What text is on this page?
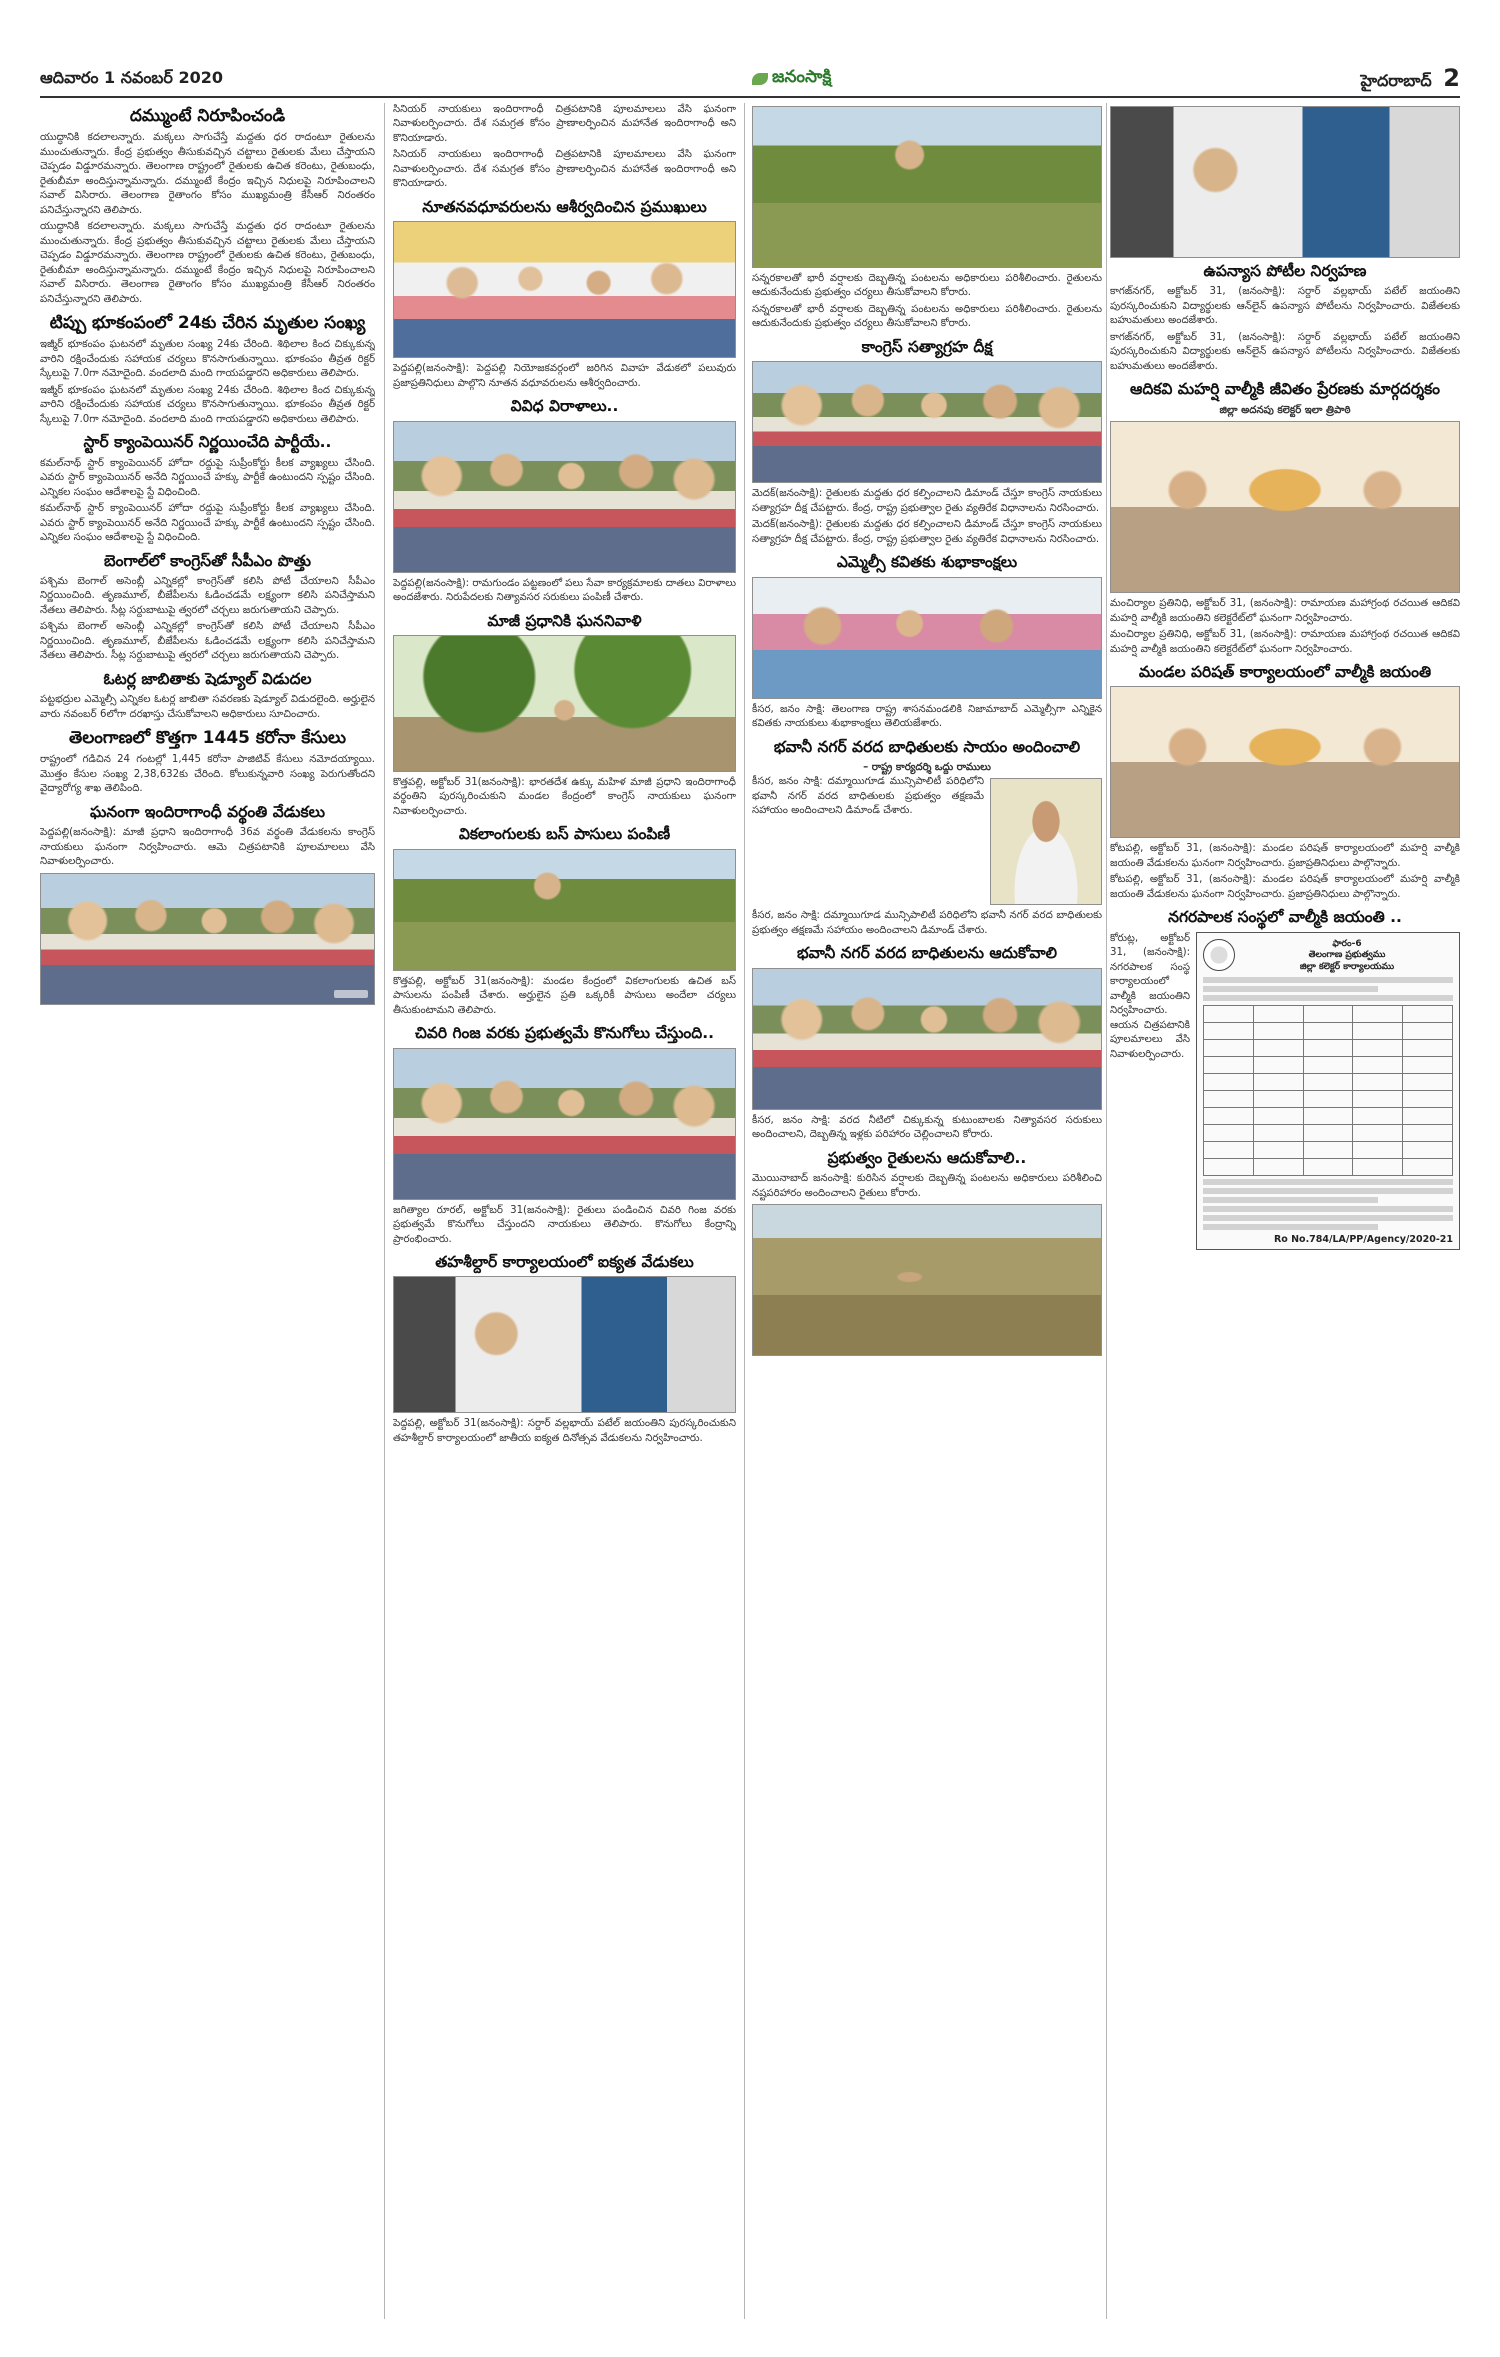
ఆదివారం 1 నవంబర్ 2020	జనంసాక్షి	హైదరాబాద్ 2
దమ్ముంటే నిరూపించండి
యుద్ధానికి కదలాలన్నారు. మక్కలు సాగుచేస్తే మద్దతు ధర రాదంటూ రైతులను ముంచుతున్నారు. కేంద్ర ప్రభుత్వం తీసుకువచ్చిన చట్టాలు రైతులకు మేలు చేస్తాయని చెప్పడం విడ్డూరమన్నారు. తెలంగాణ రాష్ట్రంలో రైతులకు ఉచిత కరెంటు, రైతుబంధు, రైతుబీమా అందిస్తున్నామన్నారు. దమ్ముంటే కేంద్రం ఇచ్చిన నిధులపై నిరూపించాలని సవాల్ విసిరారు. తెలంగాణ రైతాంగం కోసం ముఖ్యమంత్రి కేసీఆర్ నిరంతరం పనిచేస్తున్నారని తెలిపారు.
యుద్ధానికి కదలాలన్నారు. మక్కలు సాగుచేస్తే మద్దతు ధర రాదంటూ రైతులను ముంచుతున్నారు. కేంద్ర ప్రభుత్వం తీసుకువచ్చిన చట్టాలు రైతులకు మేలు చేస్తాయని చెప్పడం విడ్డూరమన్నారు. తెలంగాణ రాష్ట్రంలో రైతులకు ఉచిత కరెంటు, రైతుబంధు, రైతుబీమా అందిస్తున్నామన్నారు. దమ్ముంటే కేంద్రం ఇచ్చిన నిధులపై నిరూపించాలని సవాల్ విసిరారు. తెలంగాణ రైతాంగం కోసం ముఖ్యమంత్రి కేసీఆర్ నిరంతరం పనిచేస్తున్నారని తెలిపారు.
టిప్పు భూకంపంలో 24కు చేరిన మృతుల సంఖ్య
ఇజ్మీర్ భూకంపం ఘటనలో మృతుల సంఖ్య 24కు చేరింది. శిథిలాల కింద చిక్కుకున్న వారిని రక్షించేందుకు సహాయక చర్యలు కొనసాగుతున్నాయి. భూకంపం తీవ్రత రిక్టర్ స్కేలుపై 7.0గా నమోదైంది. వందలాది మంది గాయపడ్డారని అధికారులు తెలిపారు.
ఇజ్మీర్ భూకంపం ఘటనలో మృతుల సంఖ్య 24కు చేరింది. శిథిలాల కింద చిక్కుకున్న వారిని రక్షించేందుకు సహాయక చర్యలు కొనసాగుతున్నాయి. భూకంపం తీవ్రత రిక్టర్ స్కేలుపై 7.0గా నమోదైంది. వందలాది మంది గాయపడ్డారని అధికారులు తెలిపారు.
స్టార్ క్యాంపెయినర్ నిర్ణయించేది పార్టీయే..
కమల్‌నాథ్ స్టార్ క్యాంపెయినర్ హోదా రద్దుపై సుప్రీంకోర్టు కీలక వ్యాఖ్యలు చేసింది. ఎవరు స్టార్ క్యాంపెయినర్ అనేది నిర్ణయించే హక్కు పార్టీకే ఉంటుందని స్పష్టం చేసింది. ఎన్నికల సంఘం ఆదేశాలపై స్టే విధించింది.
కమల్‌నాథ్ స్టార్ క్యాంపెయినర్ హోదా రద్దుపై సుప్రీంకోర్టు కీలక వ్యాఖ్యలు చేసింది. ఎవరు స్టార్ క్యాంపెయినర్ అనేది నిర్ణయించే హక్కు పార్టీకే ఉంటుందని స్పష్టం చేసింది. ఎన్నికల సంఘం ఆదేశాలపై స్టే విధించింది.
బెంగాల్‌లో కాంగ్రెస్‌తో సీపీఎం పొత్తు
పశ్చిమ బెంగాల్ అసెంబ్లీ ఎన్నికల్లో కాంగ్రెస్‌తో కలిసి పోటీ చేయాలని సీపీఎం నిర్ణయించింది. తృణమూల్, బీజేపీలను ఓడించడమే లక్ష్యంగా కలిసి పనిచేస్తామని నేతలు తెలిపారు. సీట్ల సర్దుబాటుపై త్వరలో చర్చలు జరుగుతాయని చెప్పారు.
పశ్చిమ బెంగాల్ అసెంబ్లీ ఎన్నికల్లో కాంగ్రెస్‌తో కలిసి పోటీ చేయాలని సీపీఎం నిర్ణయించింది. తృణమూల్, బీజేపీలను ఓడించడమే లక్ష్యంగా కలిసి పనిచేస్తామని నేతలు తెలిపారు. సీట్ల సర్దుబాటుపై త్వరలో చర్చలు జరుగుతాయని చెప్పారు.
ఓటర్ల జాబితాకు షెడ్యూల్ విడుదల
పట్టభద్రుల ఎమ్మెల్సీ ఎన్నికల ఓటర్ల జాబితా సవరణకు షెడ్యూల్ విడుదలైంది. అర్హులైన వారు నవంబర్ 6లోగా దరఖాస్తు చేసుకోవాలని అధికారులు సూచించారు.
తెలంగాణలో కొత్తగా 1445 కరోనా కేసులు
రాష్ట్రంలో గడిచిన 24 గంటల్లో 1,445 కరోనా పాజిటివ్ కేసులు నమోదయ్యాయి. మొత్తం కేసుల సంఖ్య 2,38,632కు చేరింది. కోలుకున్నవారి సంఖ్య పెరుగుతోందని వైద్యారోగ్య శాఖ తెలిపింది.
ఘనంగా ఇందిరాగాంధీ వర్థంతి వేడుకలు
పెద్దపల్లి(జనంసాక్షి): మాజీ ప్రధాని ఇందిరాగాంధీ 36వ వర్థంతి వేడుకలను కాంగ్రెస్ నాయకులు ఘనంగా నిర్వహించారు. ఆమె చిత్రపటానికి పూలమాలలు వేసి నివాళులర్పించారు.
సినియర్ నాయకులు ఇందిరాగాంధీ చిత్రపటానికి పూలమాలలు వేసి ఘనంగా నివాళులర్పించారు. దేశ సమగ్రత కోసం ప్రాణాలర్పించిన మహానేత ఇందిరాగాంధీ అని కొనియాడారు.
సినియర్ నాయకులు ఇందిరాగాంధీ చిత్రపటానికి పూలమాలలు వేసి ఘనంగా నివాళులర్పించారు. దేశ సమగ్రత కోసం ప్రాణాలర్పించిన మహానేత ఇందిరాగాంధీ అని కొనియాడారు.
నూతనవధూవరులను ఆశీర్వదించిన ప్రముఖులు
పెద్దపల్లి(జనంసాక్షి): పెద్దపల్లి నియోజకవర్గంలో జరిగిన వివాహ వేడుకలో పలువురు ప్రజాప్రతినిధులు పాల్గొని నూతన వధూవరులను ఆశీర్వదించారు.
వివిధ విరాళాలు..
పెద్దపల్లి(జనంసాక్షి): రామగుండం పట్టణంలో పలు సేవా కార్యక్రమాలకు దాతలు విరాళాలు అందజేశారు. నిరుపేదలకు నిత్యావసర సరుకులు పంపిణీ చేశారు.
మాజీ ప్రధానికి ఘననివాళి
కొత్తపల్లి, అక్టోబర్ 31(జనంసాక్షి): భారతదేశ ఉక్కు మహిళ మాజీ ప్రధాని ఇందిరాగాంధీ వర్థంతిని పురస్కరించుకుని మండల కేంద్రంలో కాంగ్రెస్ నాయకులు ఘనంగా నివాళులర్పించారు.
వికలాంగులకు బస్ పాసులు పంపిణీ
కొత్తపల్లి, అక్టోబర్ 31(జనంసాక్షి): మండల కేంద్రంలో వికలాంగులకు ఉచిత బస్ పాసులను పంపిణీ చేశారు. అర్హులైన ప్రతి ఒక్కరికీ పాసులు అందేలా చర్యలు తీసుకుంటామని తెలిపారు.
చివరి గింజ వరకు ప్రభుత్వమే కొనుగోలు చేస్తుంది..
జగిత్యాల రూరల్, అక్టోబర్ 31(జనంసాక్షి): రైతులు పండించిన చివరి గింజ వరకు ప్రభుత్వమే కొనుగోలు చేస్తుందని నాయకులు తెలిపారు. కొనుగోలు కేంద్రాన్ని ప్రారంభించారు.
తహశీల్దార్ కార్యాలయంలో ఐక్యత వేడుకలు
పెద్దపల్లి, అక్టోబర్ 31(జనంసాక్షి): సర్దార్ వల్లభాయ్ పటేల్ జయంతిని పురస్కరించుకుని తహశీల్దార్ కార్యాలయంలో జాతీయ ఐక్యత దినోత్సవ వేడుకలను నిర్వహించారు.
సన్నరకాలతో భారీ వర్షాలకు దెబ్బతిన్న పంటలను అధికారులు పరిశీలించారు. రైతులను ఆదుకునేందుకు ప్రభుత్వం చర్యలు తీసుకోవాలని కోరారు.
సన్నరకాలతో భారీ వర్షాలకు దెబ్బతిన్న పంటలను అధికారులు పరిశీలించారు. రైతులను ఆదుకునేందుకు ప్రభుత్వం చర్యలు తీసుకోవాలని కోరారు.
కాంగ్రెస్ సత్యాగ్రహ దీక్ష
మెదక్(జనంసాక్షి): రైతులకు మద్దతు ధర కల్పించాలని డిమాండ్ చేస్తూ కాంగ్రెస్ నాయకులు సత్యాగ్రహ దీక్ష చేపట్టారు. కేంద్ర, రాష్ట్ర ప్రభుత్వాల రైతు వ్యతిరేక విధానాలను నిరసించారు.
మెదక్(జనంసాక్షి): రైతులకు మద్దతు ధర కల్పించాలని డిమాండ్ చేస్తూ కాంగ్రెస్ నాయకులు సత్యాగ్రహ దీక్ష చేపట్టారు. కేంద్ర, రాష్ట్ర ప్రభుత్వాల రైతు వ్యతిరేక విధానాలను నిరసించారు.
ఎమ్మెల్సీ కవితకు శుభాకాంక్షలు
కీసర, జనం సాక్షి: తెలంగాణ రాష్ట్ర శాసనమండలికి నిజామాబాద్ ఎమ్మెల్సీగా ఎన్నికైన కవితకు నాయకులు శుభాకాంక్షలు తెలియజేశారు.
భవానీ నగర్ వరద బాధితులకు సాయం అందించాలి
– రాష్ట్ర కార్యదర్శి ఒద్దు రాములు
కీసర, జనం సాక్షి: దమ్మాయిగూడ మున్సిపాలిటీ పరిధిలోని భవానీ నగర్ వరద బాధితులకు ప్రభుత్వం తక్షణమే సహాయం అందించాలని డిమాండ్ చేశారు.
కీసర, జనం సాక్షి: దమ్మాయిగూడ మున్సిపాలిటీ పరిధిలోని భవానీ నగర్ వరద బాధితులకు ప్రభుత్వం తక్షణమే సహాయం అందించాలని డిమాండ్ చేశారు.
భవానీ నగర్ వరద బాధితులను ఆదుకోవాలి
కీసర, జనం సాక్షి: వరద నీటిలో చిక్కుకున్న కుటుంబాలకు నిత్యావసర సరుకులు అందించాలని, దెబ్బతిన్న ఇళ్లకు పరిహారం చెల్లించాలని కోరారు.
ప్రభుత్వం రైతులను ఆదుకోవాలి..
మొయినాబాద్ జనంసాక్షి: కురిసిన వర్షాలకు దెబ్బతిన్న పంటలను అధికారులు పరిశీలించి నష్టపరిహారం అందించాలని రైతులు కోరారు.
ఉపన్యాస పోటీల నిర్వహణ
కాగజ్‌నగర్, అక్టోబర్ 31, (జనంసాక్షి): సర్దార్ వల్లభాయ్ పటేల్ జయంతిని పురస్కరించుకుని విద్యార్థులకు ఆన్‌లైన్ ఉపన్యాస పోటీలను నిర్వహించారు. విజేతలకు బహుమతులు అందజేశారు.
కాగజ్‌నగర్, అక్టోబర్ 31, (జనంసాక్షి): సర్దార్ వల్లభాయ్ పటేల్ జయంతిని పురస్కరించుకుని విద్యార్థులకు ఆన్‌లైన్ ఉపన్యాస పోటీలను నిర్వహించారు. విజేతలకు బహుమతులు అందజేశారు.
ఆదికవి మహర్షి వాల్మీకి జీవితం ప్రేరణకు మార్గదర్శకం
జిల్లా అదనపు కలెక్టర్ ఇలా త్రిపాఠి
మంచిర్యాల ప్రతినిధి, అక్టోబర్ 31, (జనంసాక్షి): రామాయణ మహాగ్రంథ రచయిత ఆదికవి మహర్షి వాల్మీకి జయంతిని కలెక్టరేట్‌లో ఘనంగా నిర్వహించారు.
మంచిర్యాల ప్రతినిధి, అక్టోబర్ 31, (జనంసాక్షి): రామాయణ మహాగ్రంథ రచయిత ఆదికవి మహర్షి వాల్మీకి జయంతిని కలెక్టరేట్‌లో ఘనంగా నిర్వహించారు.
మండల పరిషత్ కార్యాలయంలో వాల్మీకి జయంతి
కోటపల్లి, అక్టోబర్ 31, (జనంసాక్షి): మండల పరిషత్ కార్యాలయంలో మహర్షి వాల్మీకి జయంతి వేడుకలను ఘనంగా నిర్వహించారు. ప్రజాప్రతినిధులు పాల్గొన్నారు.
కోటపల్లి, అక్టోబర్ 31, (జనంసాక్షి): మండల పరిషత్ కార్యాలయంలో మహర్షి వాల్మీకి జయంతి వేడుకలను ఘనంగా నిర్వహించారు. ప్రజాప్రతినిధులు పాల్గొన్నారు.
నగరపాలక సంస్థలో వాల్మీకి జయంతి ..
కోరుట్ల, అక్టోబర్ 31, (జనంసాక్షి): నగరపాలక సంస్థ కార్యాలయంలో వాల్మీకి జయంతిని నిర్వహించారు. ఆయన చిత్రపటానికి పూలమాలలు వేసి నివాళులర్పించారు.
ఫారం-6
తెలంగాణ ప్రభుత్వము
జిల్లా కలెక్టర్ కార్యాలయము

Ro No.784/LA/PP/Agency/2020-21
